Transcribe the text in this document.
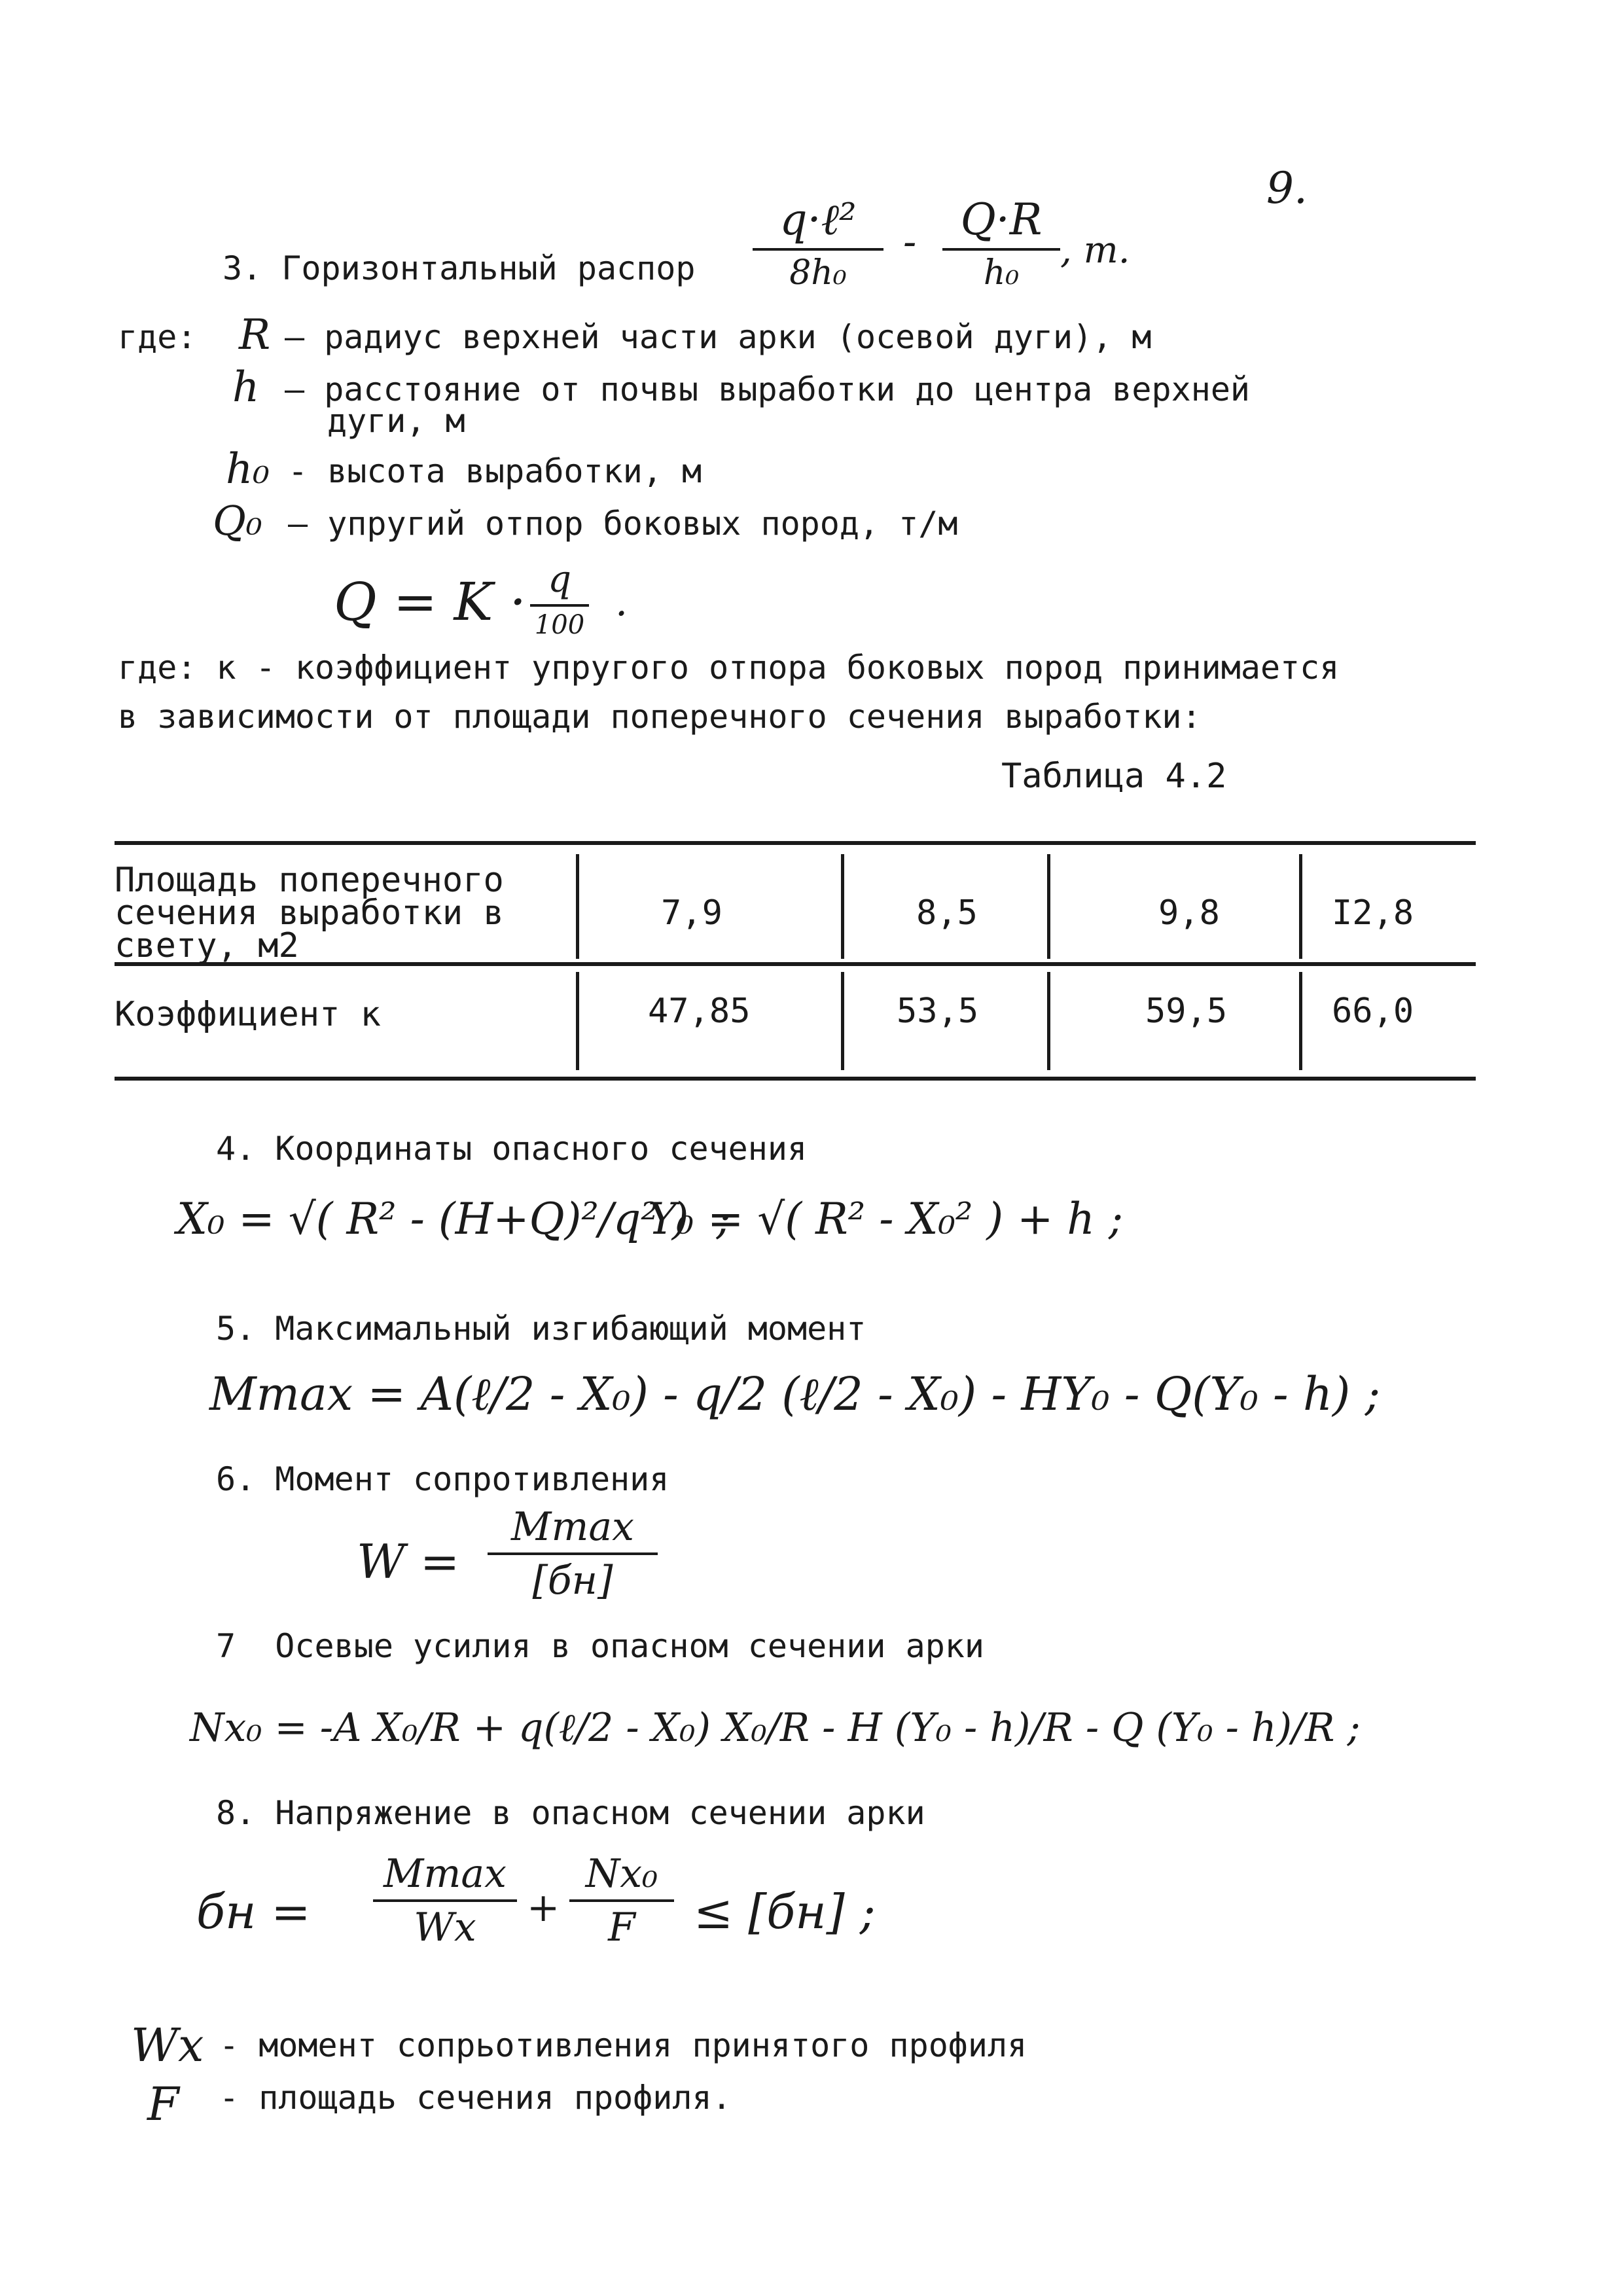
9.
3. Горизонтальный распор
q·ℓ²
8h₀
-	Q·R
h₀
, т.
где: R – радиус верхней части арки (осевой дуги), м
h – расстояние от почвы выработки до центра верхней
дуги, м
h₀ - высота выработки, м
Q₀ – упругий отпор боковых пород, т/м
Q = K · q
100 .
где: к - коэффициент упругого отпора боковых пород принимается
в зависимости от площади поперечного сечения выработки:
Таблица 4.2
Площадь поперечного
сечения выработки в
свету, м2
7,9	8,5	9,8	I2,8
Коэффициент к	47,85	53,5	59,5	66,0
4. Координаты опасного сечения
X₀ = √( R² - (H+Q)²/q² )  ;
Y₀ = √( R² - X₀² ) + h ;
5. Максимальный изгибающий момент
Mmax = A(ℓ/2 - X₀) - q/2 (ℓ/2 - X₀) - HY₀ - Q(Y₀ - h) ;
6. Момент сопротивления
W =
Mmax
[бн]
7  Осевые усилия в опасном сечении арки
Nx₀ = -A X₀/R + q(ℓ/2 - X₀) X₀/R - H (Y₀ - h)/R - Q (Y₀ - h)/R ;
8. Напряжение в опасном сечении арки
бн =
Mmax
Wx	+
Nx₀
F	≤ [бн] ;
Wx - момент сопрьотивления принятого профиля
F - площадь сечения профиля.
